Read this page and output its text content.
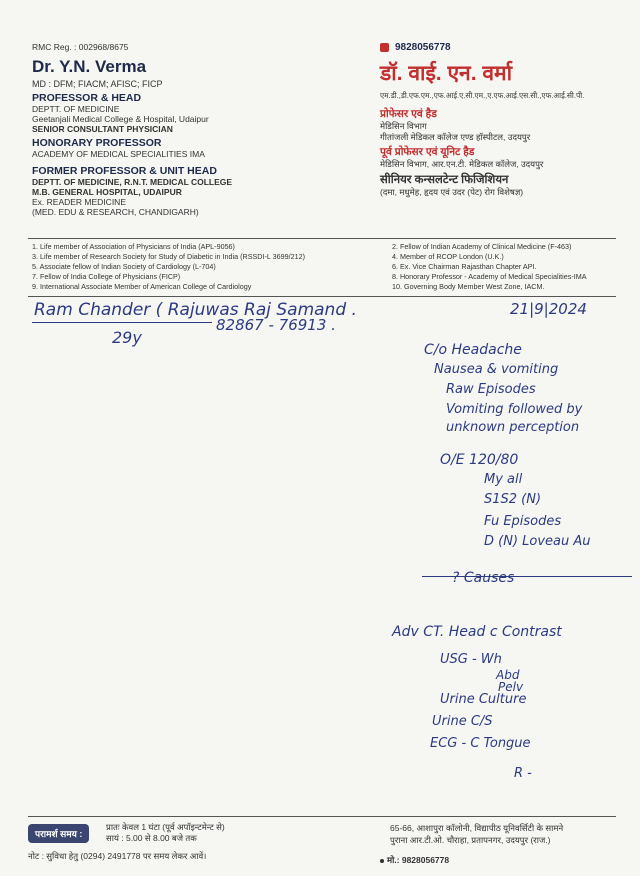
RMC Reg. : 002968/8675
Dr. Y.N. Verma
MD : DFM; FIACM; AFISC; FICP
PROFESSOR & HEAD
DEPTT. OF MEDICINE
Geetanjali Medical College & Hospital, Udaipur
SENIOR CONSULTANT PHYSICIAN
HONORARY PROFESSOR
ACADEMY OF MEDICAL SPECIALITIES IMA
FORMER PROFESSOR & UNIT HEAD
DEPTT. OF MEDICINE, R.N.T. MEDICAL COLLEGE
M.B. GENERAL HOSPITAL, UDAIPUR
Ex. READER MEDICINE
(MED. EDU & RESEARCH, CHANDIGARH)
9828056778
डॉ. वाई. एन. वर्मा
एम.डी.,डी.एफ.एम.,एफ.आई.ए.सी.एम.,ए.एफ.आई.एस.सी.,एफ.आई.सी.पी.
प्रोफेसर एवं हैड
मेडिसिन विभाग
गीतांजली मेडिकल कॉलेज एण्ड हॉस्पीटल, उदयपुर
पूर्व प्रोफेसर एवं यूनिट हैड
मेडिसिन विभाग, आर.एन.टी. मेडिकल कॉलेज, उदयपुर
सीनियर कन्सलटेन्ट फिजिशियन
(दमा, मधुमेह, हृदय एवं उदर (पेट) रोग विशेषज्ञ)
1. Life member of Association of Physicians of India (APL-9056)
3. Life member of Research Society for Study of Diabetic in India (RSSDI-L 3699/212)
5. Associate fellow of Indian Society of Cardiology (L-704)
7. Fellow of India College of Physicians (FICP)
9. International Associate Member of American College of Cardiology
2. Fellow of Indian Academy of Clinical Medicine (F-463)
4. Member of RCOP London (U.K.)
6. Ex. Vice Chairman Rajasthan Chapter API.
8. Honorary Professor - Academy of Medical Specialities-IMA
10. Governing Body Member West Zone, IACM.
Ram Chander ( Rajuwas Raj Samand .
29y
82867 - 76913 .
21|9|2024
C/o Headache
Nausea & vomiting
Raw Episodes
Vomiting followed by
unknown perception
O/E 120/80
My all
S1S2 (N)
Fu Episodes
D (N) Loveau Au
? Causes
Adv CT. Head c Contrast
USG - Wh
Abd
Pelv
Urine Culture
Urine C/S
ECG - C Tongue
R -
परामर्श समय :
प्रातः केवल 1 घंटा (पूर्व अपॉइन्टमेन्ट से)
सायं : 5.00 से 8.00 बजे तक
नोट : सुविधा हेतु (0294) 2491778 पर समय लेकर आवें।
65-66, आशापुरा कॉलोनी, विद्यापीठ यूनिवर्सिटी के सामने
पुराना आर.टी.ओ. चौराहा, प्रतापनगर, उदयपुर (राज.)
मो.: 9828056778
